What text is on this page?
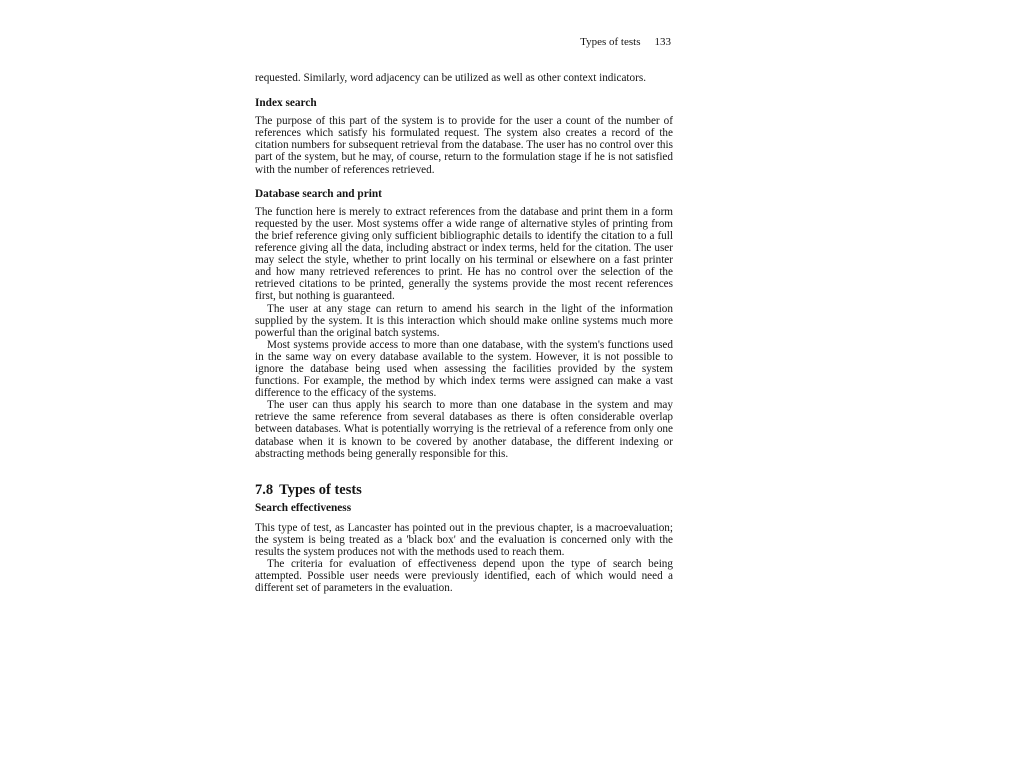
Types of tests 133

requested. Similarly, word adjacency can be utilized as well as other context indicators.

Index search

The purpose of this part of the system is to provide for the user a count of the number of references which satisfy his formulated request. The system also creates a record of the citation numbers for subsequent retrieval from the database. The user has no control over this part of the system, but he may, of course, return to the formulation stage if he is not satisfied with the number of references retrieved.

Database search and print

The function here is merely to extract references from the database and print them in a form requested by the user. Most systems offer a wide range of alternative styles of printing from the brief reference giving only sufficient bibliographic details to identify the citation to a full reference giving all the data, including abstract or index terms, held for the citation. The user may select the style, whether to print locally on his terminal or elsewhere on a fast printer and how many retrieved references to print. He has no control over the selection of the retrieved citations to be printed, generally the systems provide the most recent references first, but nothing is guaranteed.

The user at any stage can return to amend his search in the light of the information supplied by the system. It is this interaction which should make online systems much more powerful than the original batch systems.

Most systems provide access to more than one database, with the system's functions used in the same way on every database available to the system. However, it is not possible to ignore the database being used when assessing the facilities provided by the system functions. For example, the method by which index terms were assigned can make a vast difference to the efficacy of the systems.

The user can thus apply his search to more than one database in the system and may retrieve the same reference from several databases as there is often considerable overlap between databases. What is potentially worrying is the retrieval of a reference from only one database when it is known to be covered by another database, the different indexing or abstracting methods being generally responsible for this.

7.8 Types of tests
Search effectiveness

This type of test, as Lancaster has pointed out in the previous chapter, is a macroevaluation; the system is being treated as a 'black box' and the evaluation is concerned only with the results the system produces not with the methods used to reach them.

The criteria for evaluation of effectiveness depend upon the type of search being attempted. Possible user needs were previously identified, each of which would need a different set of parameters in the evaluation.
